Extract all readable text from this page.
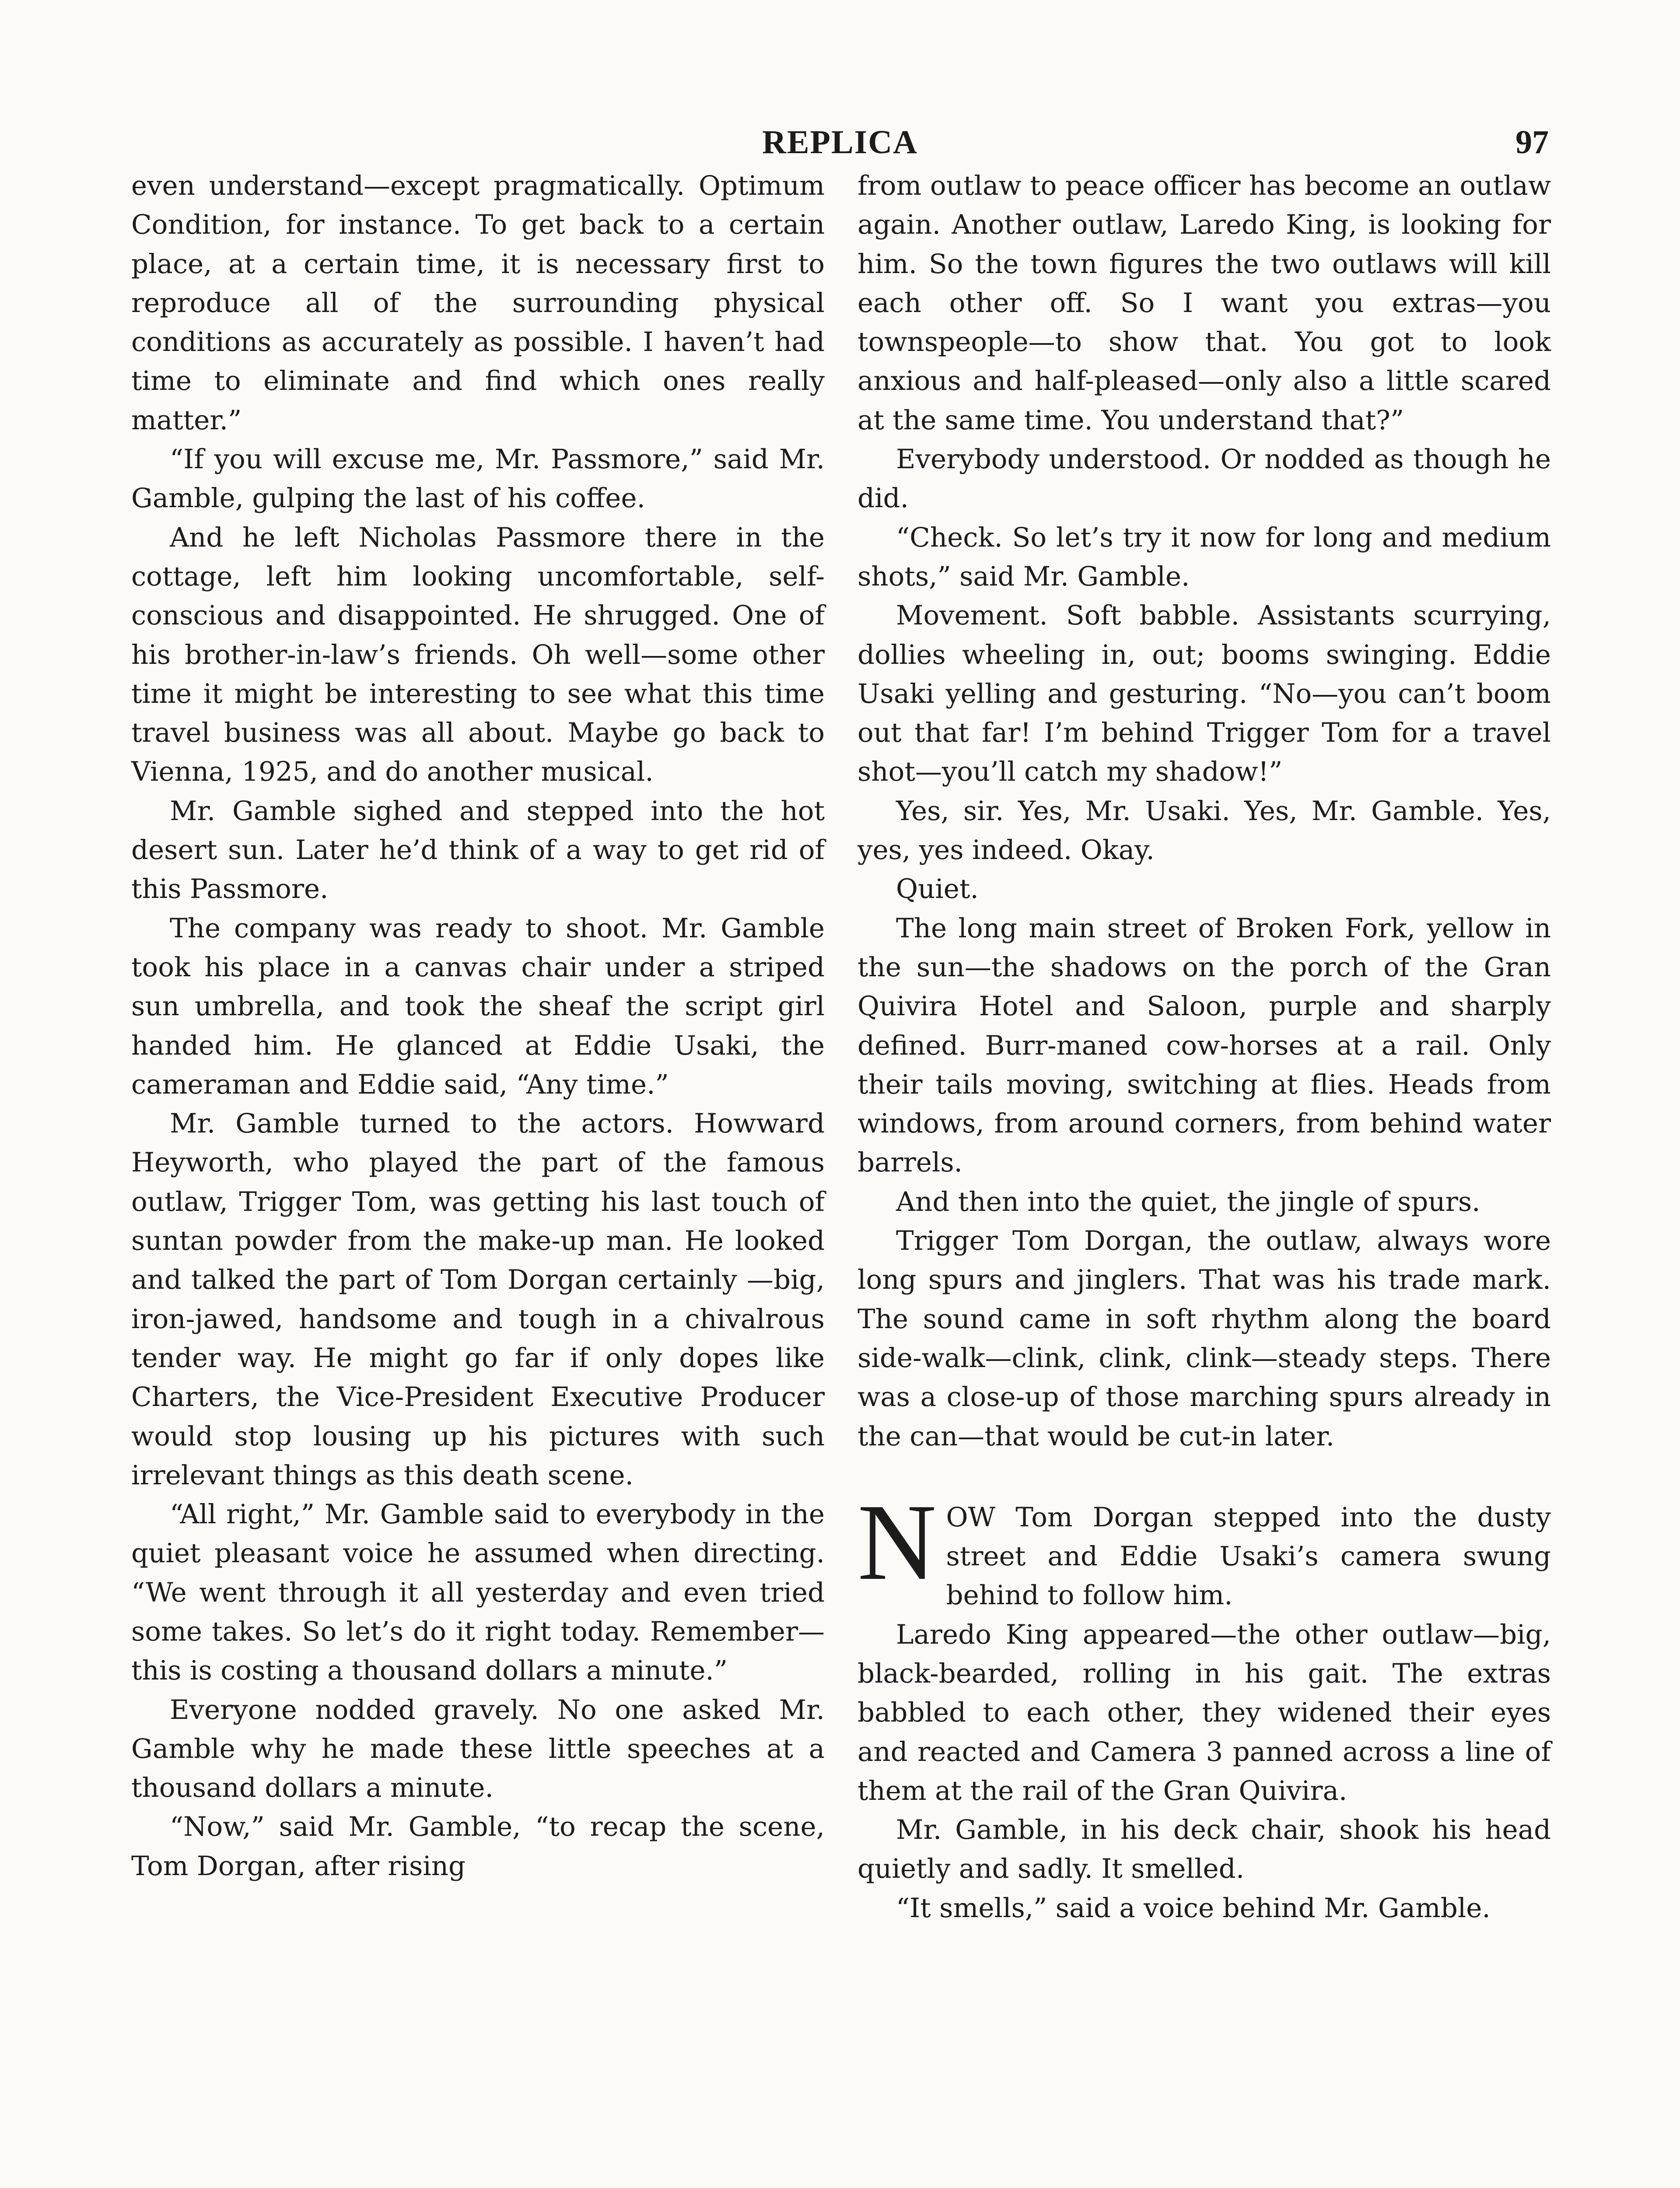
REPLICA	97

even understand—except pragmatically. Optimum Condition, for instance. To get back to a certain place, at a certain time, it is necessary first to reproduce all of the surrounding physical conditions as accurately as possible. I haven’t had time to eliminate and find which ones really matter.”

“If you will excuse me, Mr. Passmore,” said Mr. Gamble, gulping the last of his coffee.

And he left Nicholas Passmore there in the cottage, left him looking uncomfortable, self-conscious and disappointed. He shrugged. One of his brother-in-law’s friends. Oh well—some other time it might be interesting to see what this time travel business was all about. Maybe go back to Vienna, 1925, and do another musical.

Mr. Gamble sighed and stepped into the hot desert sun. Later he’d think of a way to get rid of this Passmore.

The company was ready to shoot. Mr. Gamble took his place in a canvas chair under a striped sun umbrella, and took the sheaf the script girl handed him. He glanced at Eddie Usaki, the cameraman and Eddie said, “Any time.”

Mr. Gamble turned to the actors. Howward Heyworth, who played the part of the famous outlaw, Trigger Tom, was getting his last touch of suntan powder from the make-up man. He looked and talked the part of Tom Dorgan certainly —big, iron-jawed, handsome and tough in a chivalrous tender way. He might go far if only dopes like Charters, the Vice-President Executive Producer would stop lousing up his pictures with such irrelevant things as this death scene.

“All right,” Mr. Gamble said to everybody in the quiet pleasant voice he assumed when directing. “We went through it all yesterday and even tried some takes. So let’s do it right today. Remember—this is costing a thousand dollars a minute.”

Everyone nodded gravely. No one asked Mr. Gamble why he made these little speeches at a thousand dollars a minute.

“Now,” said Mr. Gamble, “to recap the scene, Tom Dorgan, after rising

from outlaw to peace officer has become an outlaw again. Another outlaw, Laredo King, is looking for him. So the town figures the two outlaws will kill each other off. So I want you extras—you townspeople—to show that. You got to look anxious and half-pleased—only also a little scared at the same time. You understand that?”

Everybody understood. Or nodded as though he did.

“Check. So let’s try it now for long and medium shots,” said Mr. Gamble.

Movement. Soft babble. Assistants scurrying, dollies wheeling in, out; booms swinging. Eddie Usaki yelling and gesturing. “No—you can’t boom out that far! I’m behind Trigger Tom for a travel shot—you’ll catch my shadow!”

Yes, sir. Yes, Mr. Usaki. Yes, Mr. Gamble. Yes, yes, yes indeed. Okay.

Quiet.

The long main street of Broken Fork, yellow in the sun—the shadows on the porch of the Gran Quivira Hotel and Saloon, purple and sharply defined. Burr-maned cow-horses at a rail. Only their tails moving, switching at flies. Heads from windows, from around corners, from behind water barrels.

And then into the quiet, the jingle of spurs.

Trigger Tom Dorgan, the outlaw, always wore long spurs and jinglers. That was his trade mark. The sound came in soft rhythm along the board side-walk—clink, clink, clink—steady steps. There was a close-up of those marching spurs already in the can—that would be cut-in later.

NOW Tom Dorgan stepped into the dusty street and Eddie Usaki’s camera swung behind to follow him.

Laredo King appeared—the other outlaw—big, black-bearded, rolling in his gait. The extras babbled to each other, they widened their eyes and reacted and Camera 3 panned across a line of them at the rail of the Gran Quivira.

Mr. Gamble, in his deck chair, shook his head quietly and sadly. It smelled.

“It smells,” said a voice behind Mr. Gamble.
